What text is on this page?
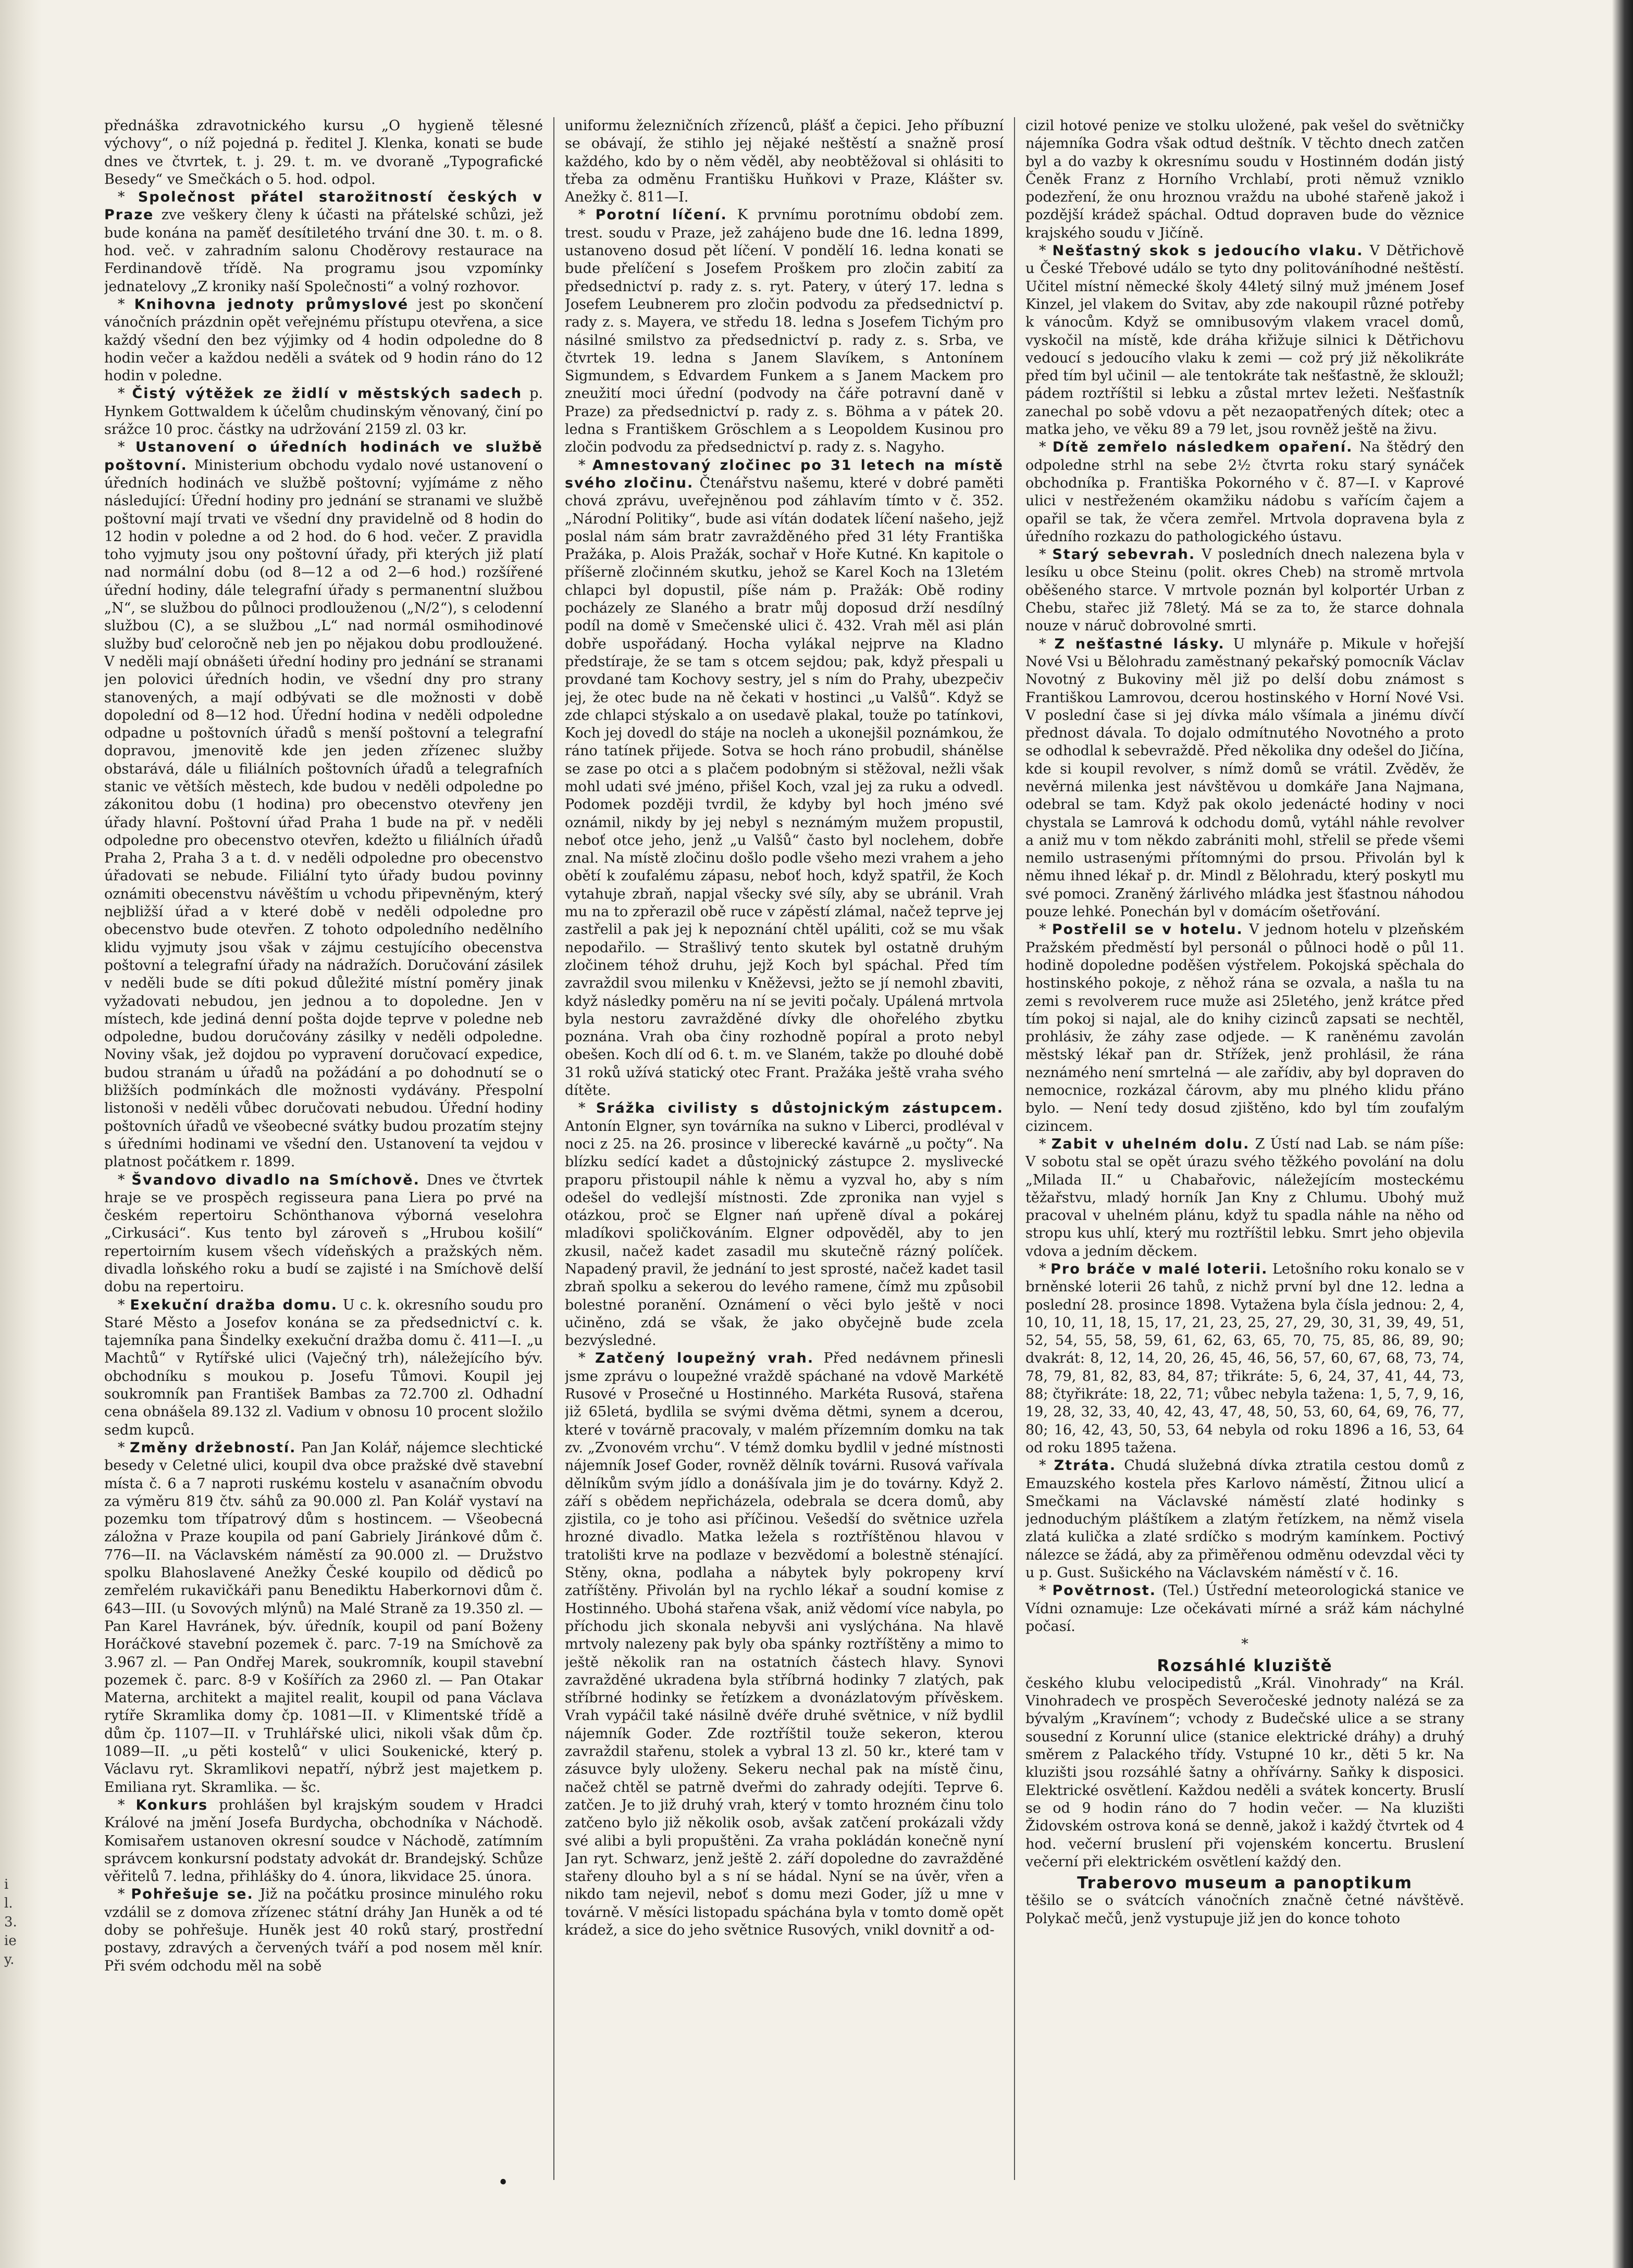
i
l.
3.
ie
y.

přednáška zdravotnického kursu „O hygieně tělesné výchovy“, o níž pojedná p. ředitel J. Klenka, konati se bude dnes ve čtvrtek, t. j. 29. t. m. ve dvoraně „Typografické Besedy“ ve Smečkách o 5. hod. odpol.

* Společnost přátel starožitností českých v Praze zve veškery členy k účasti na přátelské schůzi, jež bude konána na paměť desítiletého trvání dne 30. t. m. o 8. hod. več. v zahradním salonu Choděrovy restaurace na Ferdinandově třídě. Na programu jsou vzpomínky jednatelovy „Z kroniky naší Společnosti“ a volný rozhovor.

* Knihovna jednoty průmyslové jest po skončení vánočních prázdnin opět veřejnému přístupu otevřena, a sice každý všední den bez výjimky od 4 hodin odpoledne do 8 hodin večer a každou neděli a svátek od 9 hodin ráno do 12 hodin v poledne.

* Čistý výtěžek ze židlí v městských sadech p. Hynkem Gottwaldem k účelům chudinským věnovaný, činí po srážce 10 proc. částky na udržování 2159 zl. 03 kr.

* Ustanovení o úředních hodinách ve službě poštovní. Ministerium obchodu vydalo nové ustanovení o úředních hodinách ve službě poštovní; vyjímáme z něho následující: Úřední hodiny pro jednání se stranami ve službě poštovní mají trvati ve všední dny pravidelně od 8 hodin do 12 hodin v poledne a od 2 hod. do 6 hod. večer. Z pravidla toho vyjmuty jsou ony poštovní úřady, při kterých již platí nad normální dobu (od 8—12 a od 2—6 hod.) rozšířené úřední hodiny, dále telegrafní úřady s permanentní službou „N“, se službou do půlnoci prodlouženou („N/2“), s celodenní službou (C), a se službou „L“ nad normál osmihodinové služby buď celoročně neb jen po nějakou dobu prodloužené. V neděli mají obnášeti úřední hodiny pro jednání se stranami jen polovici úředních hodin, ve všední dny pro strany stanovených, a mají odbývati se dle možnosti v době dopolední od 8—12 hod. Úřední hodina v neděli odpoledne odpadne u poštovních úřadů s menší poštovní a telegrafní dopravou, jmenovitě kde jen jeden zřízenec služby obstarává, dále u filiálních poštovních úřadů a telegrafních stanic ve větších městech, kde budou v neděli odpoledne po zákonitou dobu (1 hodina) pro obecenstvo otevřeny jen úřady hlavní. Poštovní úřad Praha 1 bude na př. v neděli odpoledne pro obecenstvo otevřen, kdežto u filiálních úřadů Praha 2, Praha 3 a t. d. v neděli odpoledne pro obecenstvo úřadovati se nebude. Filiální tyto úřady budou povinny oznámiti obecenstvu návěštím u vchodu připevněným, který nejbližší úřad a v které době v neděli odpoledne pro obecenstvo bude otevřen. Z tohoto odpoledního nedělního klidu vyjmuty jsou však v zájmu cestujícího obecenstva poštovní a telegrafní úřady na nádražích. Doručování zásilek v neděli bude se díti pokud důležité místní poměry jinak vyžadovati nebudou, jen jednou a to dopoledne. Jen v místech, kde jediná denní pošta dojde teprve v poledne neb odpoledne, budou doručovány zásilky v neděli odpoledne. Noviny však, jež dojdou po vypravení doručovací expedice, budou stranám u úřadů na požádání a po dohodnutí se o bližších podmínkách dle možnosti vydávány. Přespolní listonoši v neděli vůbec doručovati nebudou. Úřední hodiny poštovních úřadů ve všeobecné svátky budou prozatím stejny s úředními hodinami ve všední den. Ustanovení ta vejdou v platnost počátkem r. 1899.

* Švandovo divadlo na Smíchově. Dnes ve čtvrtek hraje se ve prospěch regisseura pana Liera po prvé na českém repertoiru Schönthanova výborná veselohra „Cirkusáci“. Kus tento byl zároveň s „Hrubou košilí“ repertoirním kusem všech vídeňských a pražských něm. divadla loňského roku a budí se zajisté i na Smíchově delší dobu na repertoiru.

* Exekuční dražba domu. U c. k. okresního soudu pro Staré Město a Josefov konána se za předsednictví c. k. tajemníka pana Šindelky exekuční dražba domu č. 411—I. „u Machtů“ v Rytířské ulici (Vaječný trh), náležejícího býv. obchodníku s moukou p. Josefu Tůmovi. Koupil jej soukromník pan František Bambas za 72.700 zl. Odhadní cena obnášela 89.132 zl. Vadium v obnosu 10 procent složilo sedm kupců.

* Změny držebností. Pan Jan Kolář, nájemce slechtické besedy v Celetné ulici, koupil dva obce pražské dvě stavební místa č. 6 a 7 naproti ruskému kostelu v asanačním obvodu za výměru 819 čtv. sáhů za 90.000 zl. Pan Kolář vystaví na pozemku tom třípatrový dům s hostincem. — Všeobecná záložna v Praze koupila od paní Gabriely Jiránkové dům č. 776—II. na Václavském náměstí za 90.000 zl. — Družstvo spolku Blahoslavené Anežky České koupilo od dědiců po zemřelém rukavičkáři panu Benediktu Haberkornovi dům č. 643—III. (u Sovových mlýnů) na Malé Straně za 19.350 zl. — Pan Karel Havránek, býv. úředník, koupil od paní Boženy Horáčkové stavební pozemek č. parc. 7-19 na Smíchově za 3.967 zl. — Pan Ondřej Marek, soukromník, koupil stavební pozemek č. parc. 8-9 v Košířích za 2960 zl. — Pan Otakar Materna, architekt a majitel realit, koupil od pana Václava rytíře Skramlika domy čp. 1081—II. v Klimentské třídě a dům čp. 1107—II. v Truhlářské ulici, nikoli však dům čp. 1089—II. „u pěti kostelů“ v ulici Soukenické, který p. Václavu ryt. Skramlikovi nepatří, nýbrž jest majetkem p. Emiliana ryt. Skramlika. — šc.

* Konkurs prohlášen byl krajským soudem v Hradci Králové na jmění Josefa Burdycha, obchodníka v Náchodě. Komisařem ustanoven okresní soudce v Náchodě, zatímním správcem konkursní podstaty advokát dr. Brandejský. Schůze věřitelů 7. ledna, přihlášky do 4. února, likvidace 25. února.

* Pohřešuje se. Již na počátku prosince minulého roku vzdálil se z domova zřízenec státní dráhy Jan Huněk a od té doby se pohřešuje. Huněk jest 40 roků starý, prostřední postavy, zdravých a červených tváří a pod nosem měl knír. Při svém odchodu měl na sobě

uniformu železničních zřízenců, plášť a čepici. Jeho příbuzní se obávají, že stihlo jej nějaké neštěstí a snažně prosí každého, kdo by o něm věděl, aby neobtěžoval si ohlásiti to třeba za odměnu Františku Huňkovi v Praze, Klášter sv. Anežky č. 811—I.

* Porotní líčení. K prvnímu porotnímu období zem. trest. soudu v Praze, jež zahájeno bude dne 16. ledna 1899, ustanoveno dosud pět líčení. V pondělí 16. ledna konati se bude přelíčení s Josefem Proškem pro zločin zabití za předsednictví p. rady z. s. ryt. Patery, v úterý 17. ledna s Josefem Leubnerem pro zločin podvodu za předsednictví p. rady z. s. Mayera, ve středu 18. ledna s Josefem Tichým pro násilné smilstvo za předsednictví p. rady z. s. Srba, ve čtvrtek 19. ledna s Janem Slavíkem, s Antonínem Sigmundem, s Edvardem Funkem a s Janem Mackem pro zneužití moci úřední (podvody na čáře potravní daně v Praze) za předsednictví p. rady z. s. Böhma a v pátek 20. ledna s Františkem Gröschlem a s Leopoldem Kusinou pro zločin podvodu za předsednictví p. rady z. s. Nagyho.

* Amnestovaný zločinec po 31 letech na místě svého zločinu. Čtenářstvu našemu, které v dobré paměti chová zprávu, uveřejněnou pod záhlavím tímto v č. 352. „Národní Politiky“, bude asi vítán dodatek líčení našeho, jejž poslal nám sám bratr zavražděného před 31 léty Františka Pražáka, p. Alois Pražák, sochař v Hoře Kutné. Kn kapitole o příšerně zločinném skutku, jehož se Karel Koch na 13letém chlapci byl dopustil, píše nám p. Pražák: Obě rodiny pocházely ze Slaného a bratr můj doposud drží nesdílný podíl na domě v Smečenské ulici č. 432. Vrah měl asi plán dobře uspořádaný. Hocha vylákal nejprve na Kladno předstíraje, že se tam s otcem sejdou; pak, když přespali u provdané tam Kochovy sestry, jel s ním do Prahy, ubezpečiv jej, že otec bude na ně čekati v hostinci „u Valšů“. Když se zde chlapci stýskalo a on usedavě plakal, touže po tatínkovi, Koch jej dovedl do stáje na nocleh a ukonejšil poznámkou, že ráno tatínek přijede. Sotva se hoch ráno probudil, shánělse se zase po otci a s plačem podobným si stěžoval, nežli však mohl udati své jméno, přišel Koch, vzal jej za ruku a odvedl. Podomek později tvrdil, že kdyby byl hoch jméno své oznámil, nikdy by jej nebyl s neznámým mužem propustil, neboť otce jeho, jenž „u Valšů“ často byl noclehem, dobře znal. Na místě zločinu došlo podle všeho mezi vrahem a jeho obětí k zoufalému zápasu, neboť hoch, když spatřil, že Koch vytahuje zbraň, napjal všecky své síly, aby se ubránil. Vrah mu na to zpřerazil obě ruce v zápěstí zlámal, načež teprve jej zastřelil a pak jej k nepoznání chtěl upáliti, což se mu však nepodařilo. — Strašlivý tento skutek byl ostatně druhým zločinem téhož druhu, jejž Koch byl spáchal. Před tím zavraždil svou milenku v Kněževsi, ježto se jí nemohl zbaviti, když následky poměru na ní se jeviti počaly. Upálená mrtvola byla nestoru zavražděné dívky dle ohořelého zbytku poznána. Vrah oba činy rozhodně popíral a proto nebyl obešen. Koch dlí od 6. t. m. ve Slaném, takže po dlouhé době 31 roků užívá statický otec Frant. Pražáka ještě vraha svého dítěte.

* Srážka civilisty s důstojnickým zástupcem. Antonín Elgner, syn továrníka na sukno v Liberci, prodléval v noci z 25. na 26. prosince v liberecké kavárně „u počty“. Na blízku sedící kadet a důstojnický zástupce 2. myslivecké praporu přistoupil náhle k němu a vyzval ho, aby s ním odešel do vedlejší místnosti. Zde zpronika nan vyjel s otázkou, proč se Elgner nań upřeně díval a pokárej mladíkovi spoličkováním. Elgner odpověděl, aby to jen zkusil, načež kadet zasadil mu skutečně rázný políček. Napadený pravil, že jednání to jest sprosté, načež kadet tasil zbraň spolku a sekerou do levého ramene, čímž mu způsobil bolestné poranění. Oznámení o věci bylo ještě v noci učiněno, zdá se však, že jako obyčejně bude zcela bezvýsledné.

* Zatčený loupežný vrah. Před nedávnem přinesli jsme zprávu o loupežné vraždě spáchané na vdově Markétě Rusové v Prosečné u Hostinného. Markéta Rusová, stařena již 65letá, bydlila se svými dvěma dětmi, synem a dcerou, které v továrně pracovaly, v malém přízemním domku na tak zv. „Zvonovém vrchu“. V témž domku bydlil v jedné místnosti nájemník Josef Goder, rovněž dělník továrni. Rusová vařívala dělníkům svým jídlo a donášívala jim je do továrny. Když 2. září s obědem nepřicházela, odebrala se dcera domů, aby zjistila, co je toho asi příčinou. Vešedší do světnice uzřela hrozné divadlo. Matka ležela s roztříštěnou hlavou v tratolišti krve na podlaze v bezvědomí a bolestně sténající. Stěny, okna, podlaha a nábytek byly pokropeny krví zatříštěny. Přivolán byl na rychlo lékař a soudní komise z Hostinného. Ubohá stařena však, aniž vědomí více nabyla, po příchodu jich skonala nebyvši ani vyslýchána. Na hlavě mrtvoly nalezeny pak byly oba spánky roztříštěny a mimo to ještě několik ran na ostatních částech hlavy. Synovi zavražděné ukradena byla stříbrná hodinky 7 zlatých, pak stříbrné hodinky se řetízkem a dvonázlatovým přívěskem. Vrah vypáčil také násilně dvéře druhé světnice, v níž bydlil nájemník Goder. Zde roztříštil touže sekeron, kterou zavraždil stařenu, stolek a vybral 13 zl. 50 kr., které tam v zásuvce byly uloženy. Sekeru nechal pak na místě činu, načež chtěl se patrně dveřmi do zahrady odejíti. Teprve 6. zatčen. Je to již druhý vrah, který v tomto hrozném činu tolo zatčeno bylo již několik osob, avšak zatčení prokázali vždy své alibi a byli propuštěni. Za vraha pokládán konečně nyní Jan ryt. Schwarz, jenž ještě 2. září dopoledne do zavražděné stařeny dlouho byl a s ní se hádal. Nyní se na úvěr, vřen a nikdo tam nejevil, neboť s domu mezi Goder, jíž u mne v továrně. V měsíci listopadu spáchána byla v tomto domě opět krádež, a sice do jeho světnice Rusových, vnikl dovnitř a od-

cizil hotové penize ve stolku uložené, pak vešel do světničky nájemníka Godra však odtud deštník. V těchto dnech zatčen byl a do vazby k okresnímu soudu v Hostinném dodán jistý Čeněk Franz z Horního Vrchlabí, proti němuž vzniklo podezření, že onu hroznou vraždu na ubohé stařeně jakož i pozdější krádež spáchal. Odtud dopraven bude do věznice krajského soudu v Jičíně.

* Nešťastný skok s jedoucího vlaku. V Dětřichově u České Třebové událo se tyto dny politováníhodné neštěstí. Učitel místní německé školy 44letý silný muž jménem Josef Kinzel, jel vlakem do Svitav, aby zde nakoupil různé potřeby k vánocům. Když se omnibusovým vlakem vracel domů, vyskočil na místě, kde dráha křižuje silnici k Dětřichovu vedoucí s jedoucího vlaku k zemi — což prý již několikráte před tím byl učinil — ale tentokráte tak nešťastně, že skloužl; pádem roztříštil si lebku a zůstal mrtev ležeti. Nešťastník zanechal po sobě vdovu a pět nezaopatřených dítek; otec a matka jeho, ve věku 89 a 79 let, jsou rovněž ještě na živu.

* Dítě zemřelo následkem opaření. Na štědrý den odpoledne strhl na sebe 2½ čtvrta roku starý synáček obchodníka p. Františka Pokorného v č. 87—I. v Kaprové ulici v nestřeženém okamžiku nádobu s vařícím čajem a opařil se tak, že včera zemřel. Mrtvola dopravena byla z úředního rozkazu do pathologického ústavu.

* Starý sebevrah. V posledních dnech nalezena byla v lesíku u obce Steinu (polit. okres Cheb) na stromě mrtvola oběšeného starce. V mrtvole poznán byl kolportér Urban z Chebu, stařec již 78letý. Má se za to, že starce dohnala nouze v náruč dobrovolné smrti.

* Z nešťastné lásky. U mlynáře p. Mikule v hořejší Nové Vsi u Bělohradu zaměstnaný pekařský pomocník Václav Novotný z Bukoviny měl již po delší dobu známost s Františkou Lamrovou, dcerou hostinského v Horní Nové Vsi. V poslední čase si jej dívka málo všímala a jinému dívčí přednost dávala. To dojalo odmítnutého Novotného a proto se odhodlal k sebevraždě. Před několika dny odešel do Jičína, kde si koupil revolver, s nímž domů se vrátil. Zvěděv, že nevěrná milenka jest návštěvou u domkáře Jana Najmana, odebral se tam. Když pak okolo jedenácté hodiny v noci chystala se Lamrová k odchodu domů, vytáhl náhle revolver a aniž mu v tom někdo zabrániti mohl, střelil se přede všemi nemilo ustrasenými přítomnými do prsou. Přivolán byl k němu ihned lékař p. dr. Mindl z Bělohradu, který poskytl mu své pomoci. Zraněný žárlivého mládka jest šťastnou náhodou pouze lehké. Ponechán byl v domácím ošetřování.

* Postřelil se v hotelu. V jednom hotelu v plzeňském Pražském předměstí byl personál o půlnoci hodě o půl 11. hodině dopoledne poděšen výstřelem. Pokojská spěchala do hostinského pokoje, z něhož rána se ozvala, a našla tu na zemi s revolverem ruce muže asi 25letého, jenž krátce před tím pokoj si najal, ale do knihy cizinců zapsati se nechtěl, prohlásiv, že záhy zase odjede. — K raněnému zavolán městský lékař pan dr. Střížek, jenž prohlásil, že rána neznámého není smrtelná — ale zařídiv, aby byl dopraven do nemocnice, rozkázal čárovm, aby mu plného klidu přáno bylo. — Není tedy dosud zjištěno, kdo byl tím zoufalým cizincem.

* Zabit v uhelném dolu. Z Ústí nad Lab. se nám píše: V sobotu stal se opět úrazu svého těžkého povolání na dolu „Milada II.“ u Chabařovic, náležejícím mosteckému těžařstvu, mladý horník Jan Kny z Chlumu. Ubohý muž pracoval v uhelném plánu, když tu spadla náhle na něho od stropu kus uhlí, který mu roztříštil lebku. Smrt jeho objevila vdova a jedním děckem.

* Pro bráče v malé loterii. Letošního roku konalo se v brněnské loterii 26 tahů, z nichž první byl dne 12. ledna a poslední 28. prosince 1898. Vytažena byla čísla jednou: 2, 4, 10, 10, 11, 18, 15, 17, 21, 23, 25, 27, 29, 30, 31, 39, 49, 51, 52, 54, 55, 58, 59, 61, 62, 63, 65, 70, 75, 85, 86, 89, 90; dvakrát: 8, 12, 14, 20, 26, 45, 46, 56, 57, 60, 67, 68, 73, 74, 78, 79, 81, 82, 83, 84, 87; třikráte: 5, 6, 24, 37, 41, 44, 73, 88; čtyřikráte: 18, 22, 71; vůbec nebyla tažena: 1, 5, 7, 9, 16, 19, 28, 32, 33, 40, 42, 43, 47, 48, 50, 53, 60, 64, 69, 76, 77, 80; 16, 42, 43, 50, 53, 64 nebyla od roku 1896 a 16, 53, 64 od roku 1895 tažena.

* Ztráta. Chudá služebná dívka ztratila cestou domů z Emauzského kostela přes Karlovo náměstí, Žitnou ulicí a Smečkami na Václavské náměstí zlaté hodinky s jednoduchým pláštíkem a zlatým řetízkem, na němž visela zlatá kulička a zlaté srdíčko s modrým kamínkem. Poctivý nálezce se žádá, aby za přiměřenou odměnu odevzdal věci ty u p. Gust. Sušického na Václavském náměstí v č. 16.

* Povětrnost. (Tel.) Ústřední meteorologická stanice ve Vídni oznamuje: Lze očekávati mírné a sráž kám náchylné počasí.

*

Rozsáhlé kluziště
českého klubu velocipedistů „Král. Vinohrady“ na Král. Vinohradech ve prospěch Severočeské jednoty nalézá se za bývalým „Kravínem“; vchody z Budečské ulice a se strany sousední z Korunní ulice (stanice elektrické dráhy) a druhý směrem z Palackého třídy. Vstupné 10 kr., děti 5 kr. Na kluzišti jsou rozsáhlé šatny a ohřívárny. Saňky k disposici. Elektrické osvětlení. Každou neděli a svátek koncerty. Bruslí se od 9 hodin ráno do 7 hodin večer. — Na kluzišti Židovském ostrova koná se denně, jakož i každý čtvrtek od 4 hod. večerní bruslení při vojenském koncertu. Bruslení večerní při elektrickém osvětlení každý den.

Traberovo museum a panoptikum
těšilo se o svátcích vánočních značně četné návštěvě. Polykač mečů, jenž vystupuje již jen do konce tohoto

•
